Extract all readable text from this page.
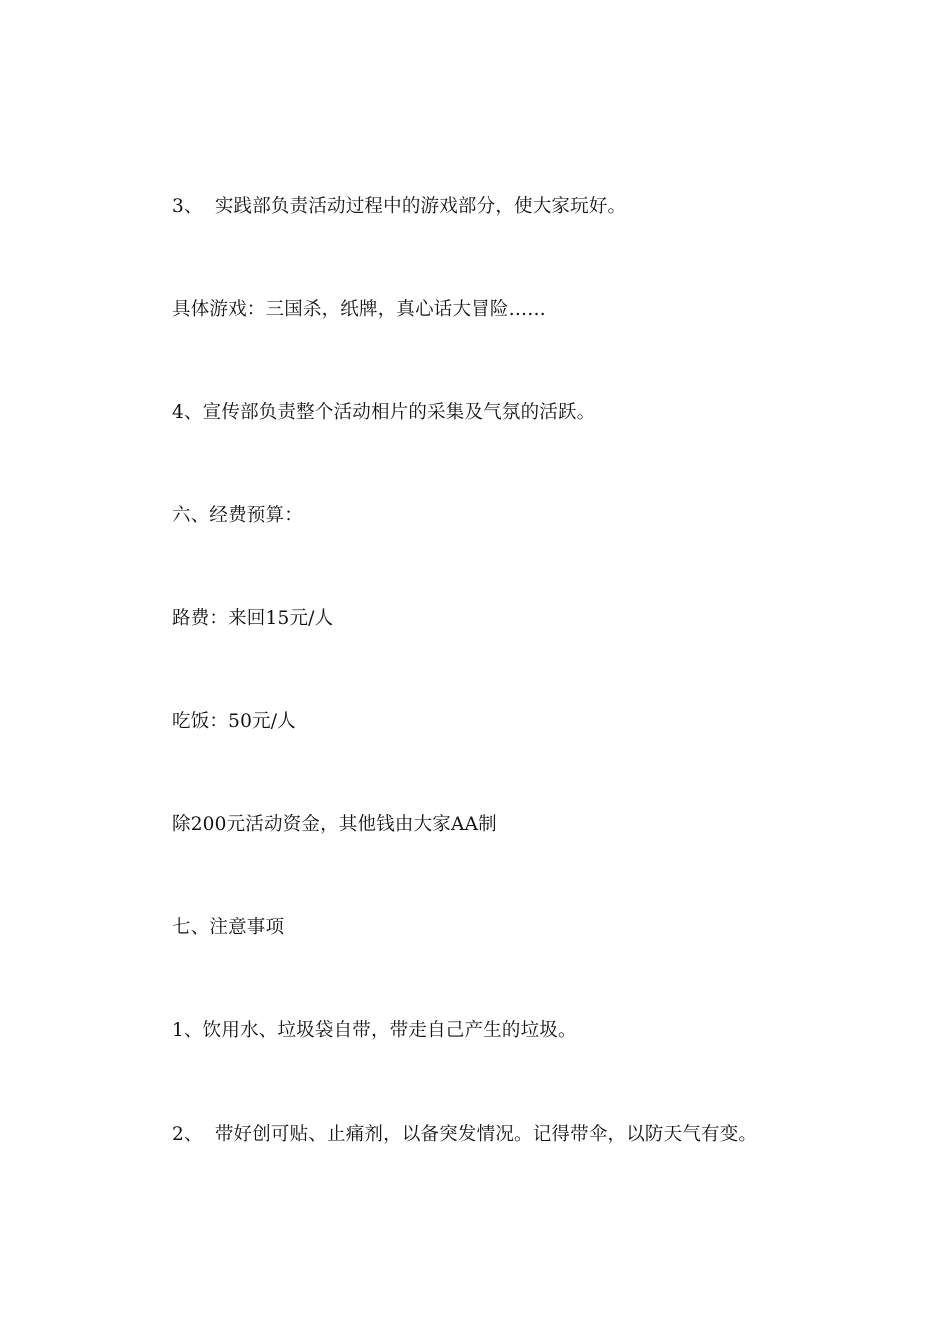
3、  实践部负责活动过程中的游戏部分，使大家玩好。
具体游戏：三国杀，纸牌，真心话大冒险……
4、宣传部负责整个活动相片的采集及气氛的活跃。
六、经费预算：
路费：来回15元/人
吃饭：50元/人
除200元活动资金，其他钱由大家AA制
七、注意事项
1、饮用水、垃圾袋自带，带走自己产生的垃圾。
2、  带好创可贴、止痛剂，以备突发情况。记得带伞，以防天气有变。
